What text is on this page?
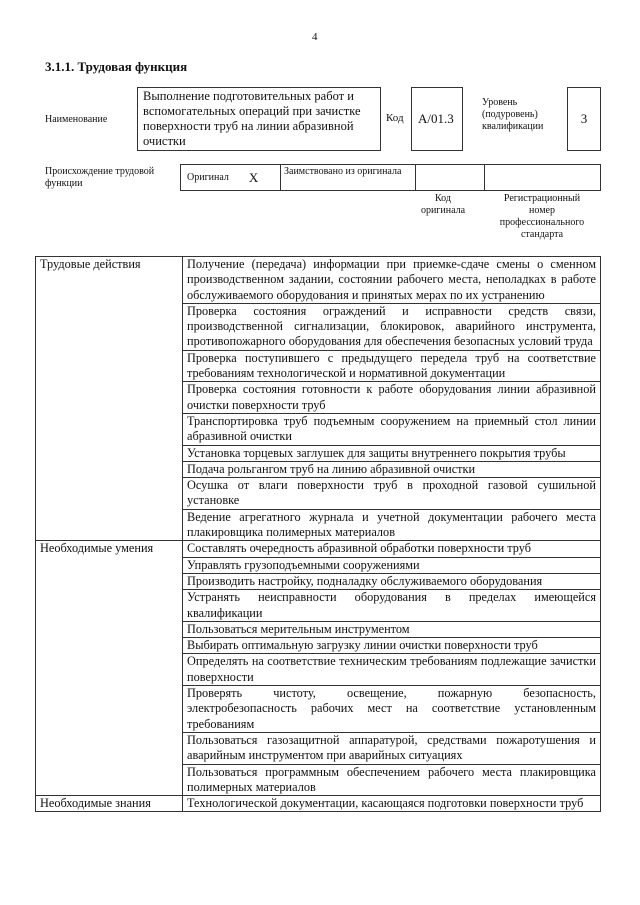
4
3.1.1. Трудовая функция
Наименование
Выполнение подготовительных работ и вспомогательных операций при зачистке поверхности труб на линии абразивной очистки
Код	А/01.3
Уровень (подуровень) квалификации
3
Происхождение трудовой функции
Оригинал X	Заимствовано из оригинала
Код оригинала
Регистрационный номер профессионального стандарта
Трудовые действия	Получение (передача) информации при приемке-сдаче смены о сменном производственном задании, состоянии рабочего места, неполадках в работе обслуживаемого оборудования и принятых мерах по их устранению
	Проверка состояния ограждений и исправности средств связи, производственной сигнализации, блокировок, аварийного инструмента, противопожарного оборудования для обеспечения безопасных условий труда
	Проверка поступившего с предыдущего передела труб на соответствие требованиям технологической и нормативной документации
	Проверка состояния готовности к работе оборудования линии абразивной очистки поверхности труб
	Транспортировка труб подъемным сооружением на приемный стол линии абразивной очистки
	Установка торцевых заглушек для защиты внутреннего покрытия трубы
	Подача рольгангом труб на линию абразивной очистки
	Осушка от влаги поверхности труб в проходной газовой сушильной установке
	Ведение агрегатного журнала и учетной документации рабочего места плакировщика полимерных материалов
Необходимые умения	Составлять очередность абразивной обработки поверхности труб
	Управлять грузоподъемными сооружениями
	Производить настройку, подналадку обслуживаемого оборудования
	Устранять неисправности оборудования в пределах имеющейся квалификации
	Пользоваться мерительным инструментом
	Выбирать оптимальную загрузку линии очистки поверхности труб
	Определять на соответствие техническим требованиям подлежащие зачистки поверхности
	Проверять чистоту, освещение, пожарную безопасность, электробезопасность рабочих мест на соответствие установленным требованиям
	Пользоваться газозащитной аппаратурой, средствами пожаротушения и аварийным инструментом при аварийных ситуациях
	Пользоваться программным обеспечением рабочего места плакировщика полимерных материалов
Необходимые знания	Технологической документации, касающаяся подготовки поверхности труб
